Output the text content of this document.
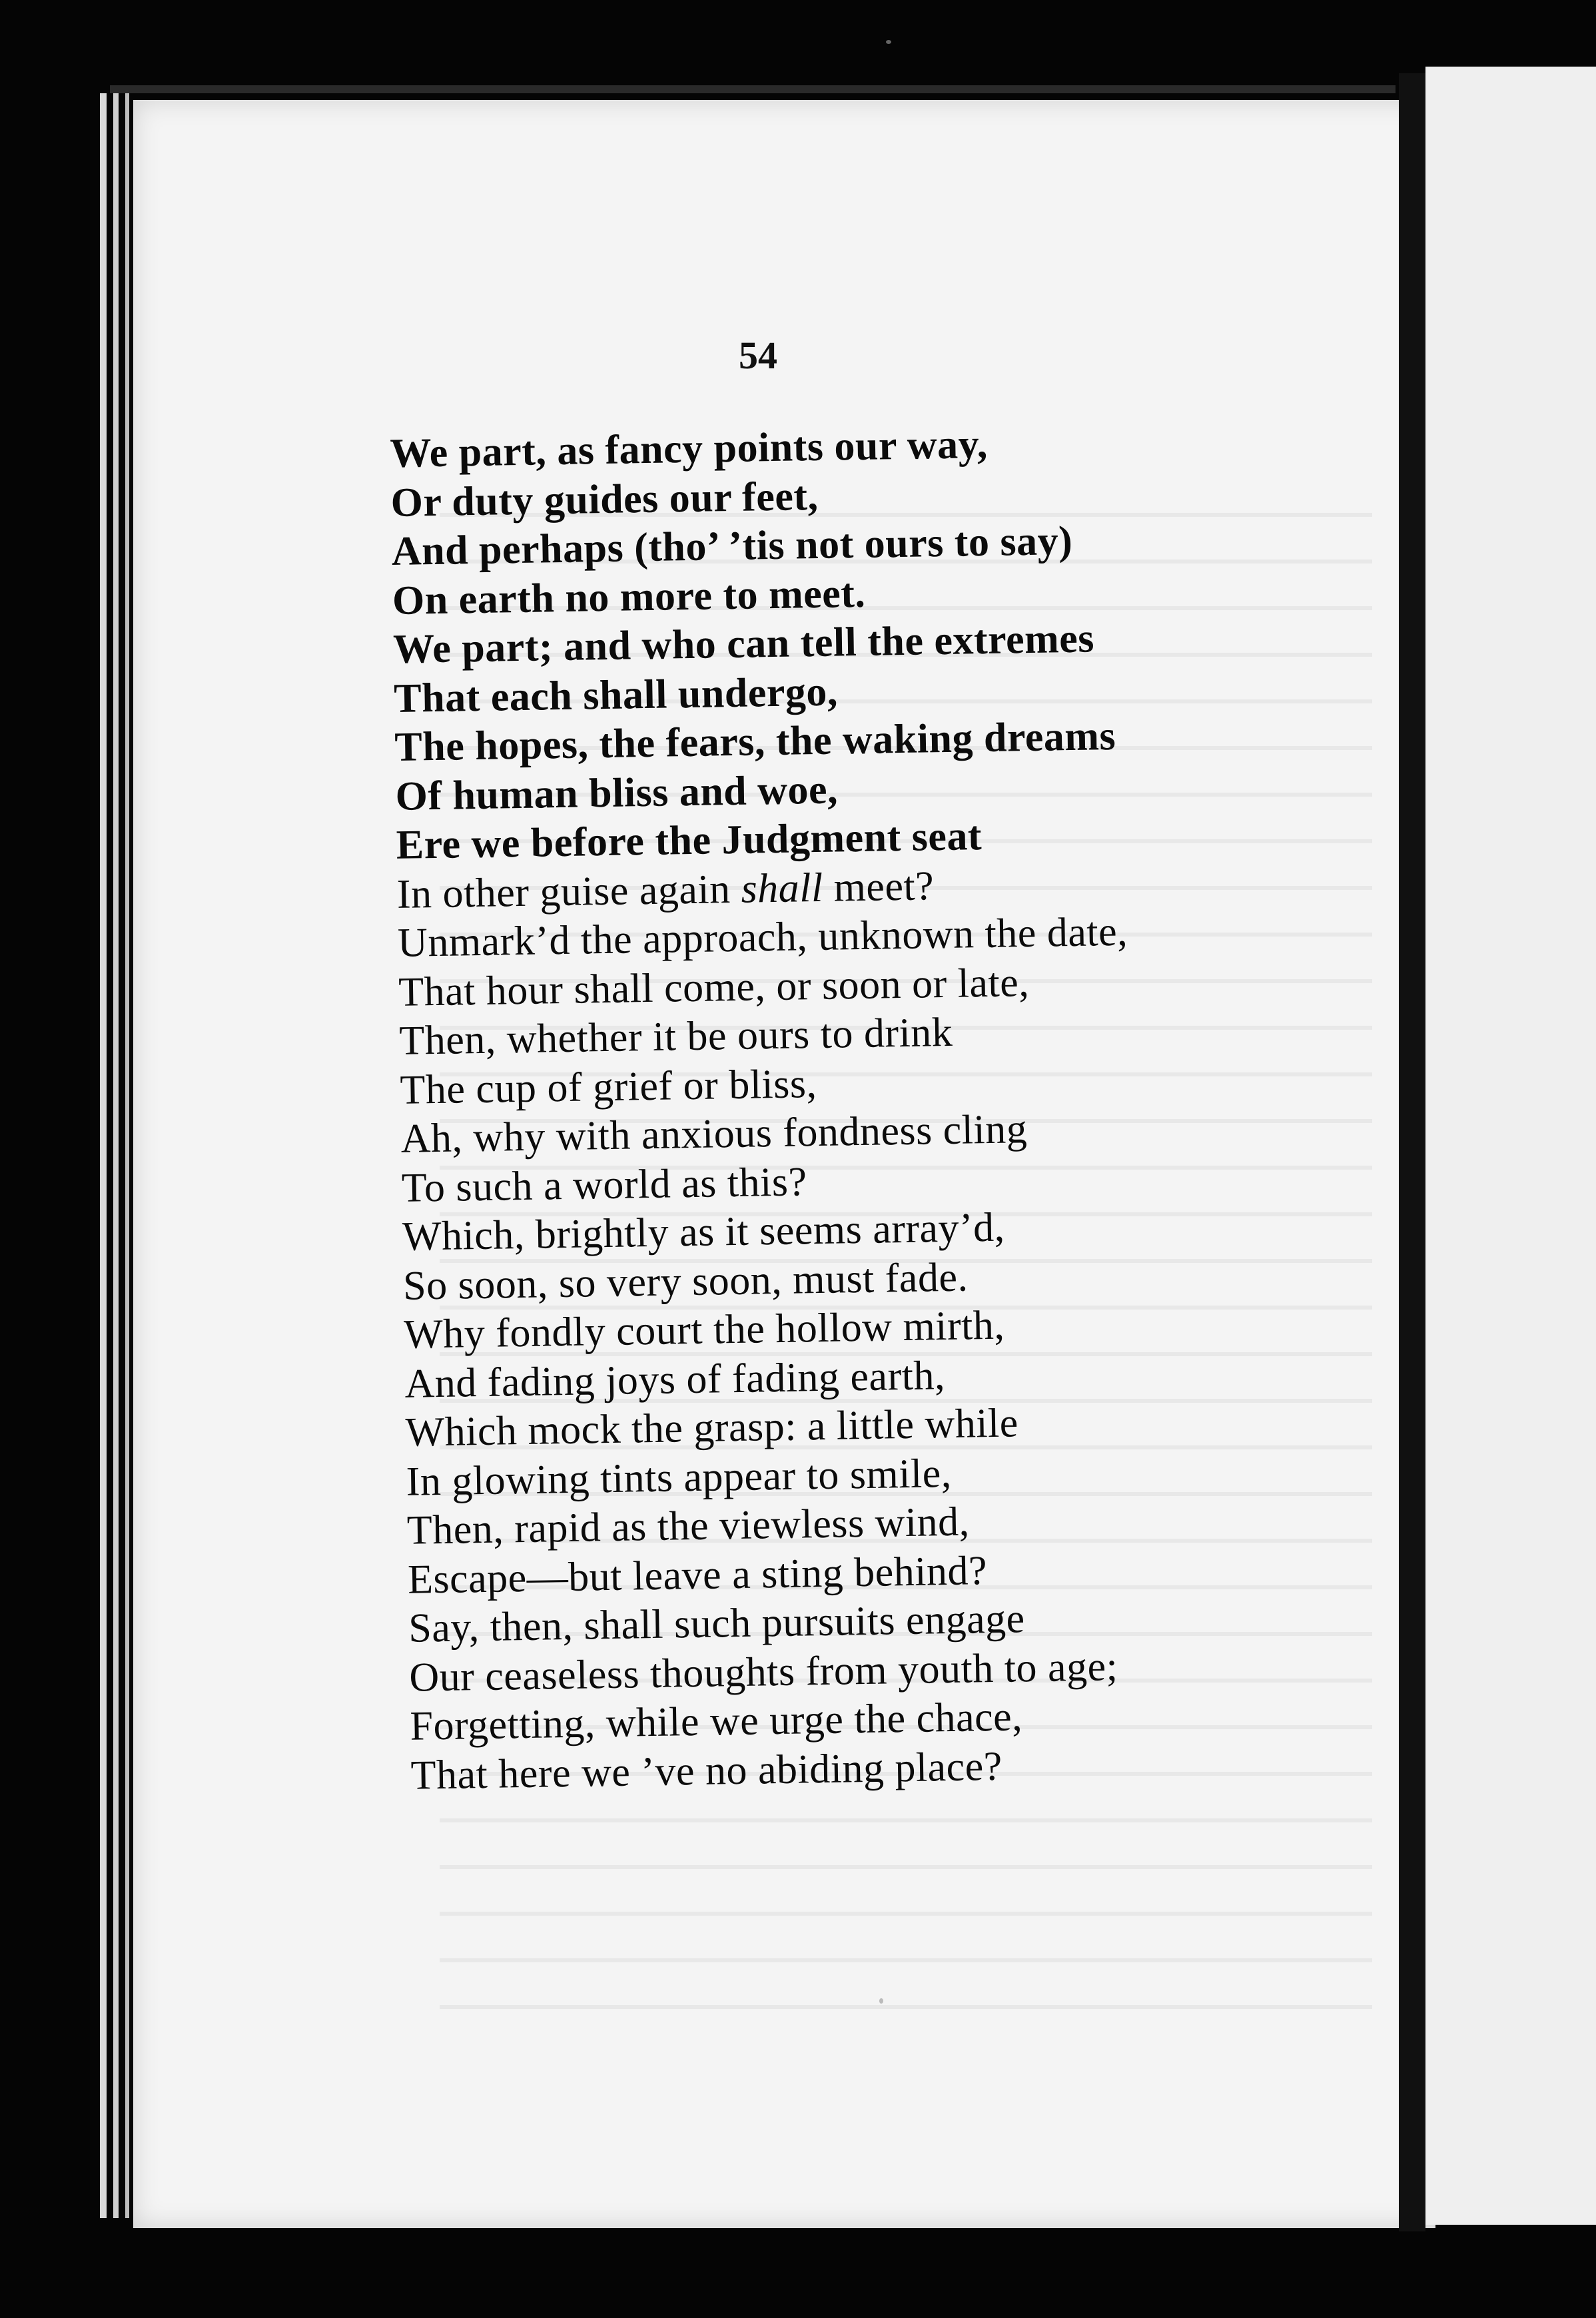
54
We part, as fancy points our way,
Or duty guides our feet,
And perhaps (tho’ ’tis not ours to say)
On earth no more to meet.
We part; and who can tell the extremes
That each shall undergo,
The hopes, the fears, the waking dreams
Of human bliss and woe,
Ere we before the Judgment seat
In other guise again shall meet?
Unmark’d the approach, unknown the date,
That hour shall come, or soon or late,
Then, whether it be ours to drink
The cup of grief or bliss,
Ah, why with anxious fondness cling
To such a world as this?
Which, brightly as it seems array’d,
So soon, so very soon, must fade.
Why fondly court the hollow mirth,
And fading joys of fading earth,
Which mock the grasp: a little while
In glowing tints appear to smile,
Then, rapid as the viewless wind,
Escape—but leave a sting behind?
Say, then, shall such pursuits engage
Our ceaseless thoughts from youth to age;
Forgetting, while we urge the chace,
That here we ’ve no abiding place?
